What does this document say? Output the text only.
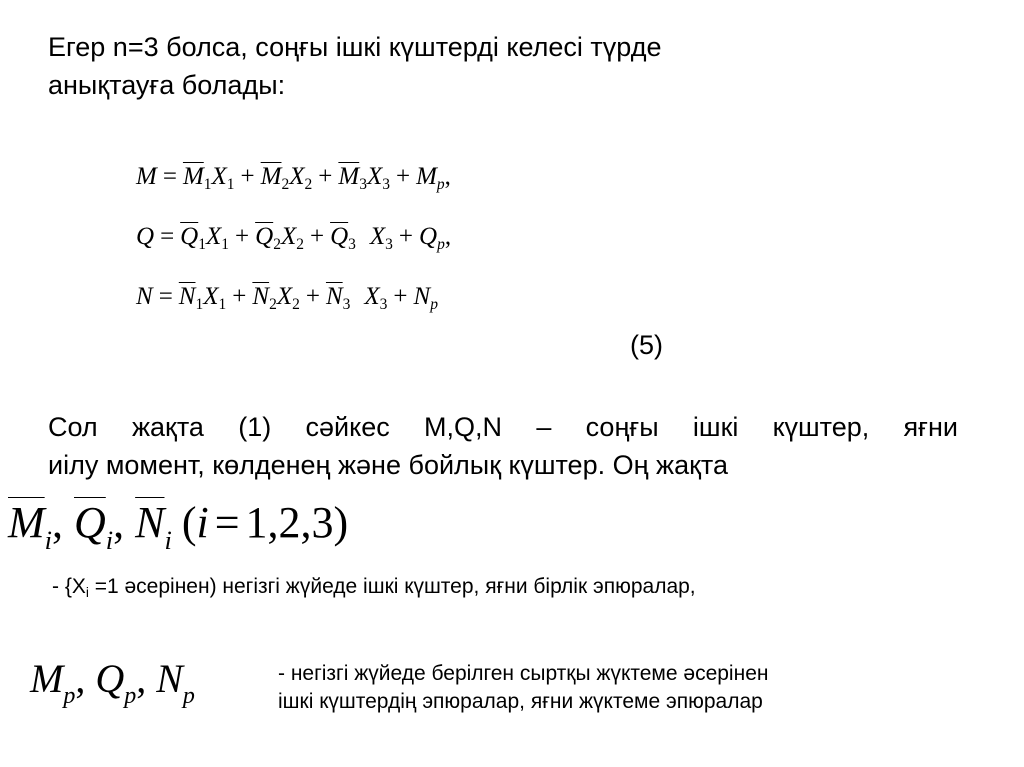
Егер n=3 болса, соңғы ішкі күштерді келесі түрде
анықтауға болады:
$M = \overline{M}_1X_1 + \overline{M}_2X_2 + \overline{M}_3X_3 + M_p$,
$Q = \overline{Q}_1X_1 + \overline{Q}_2X_2 + \overline{Q}_3$ $X_3 + Q_p$,
$N = \overline{N}_1X_1 + \overline{N}_2X_2 + \overline{N}_3$ $X_3 + N_p$
(5)
Сол жақта (1) сәйкес M,Q,N – соңғы ішкі күштер, яғни
иілу момент, көлденең және бойлық күштер. Оң жақта
$\overline{M}_i$, $\overline{Q}_i$, $\overline{N}_i$ (i = 1,2,3)
- {Xi =1 әсерінен) негізгі жүйеде ішкі күштер, яғни бірлік эпюралар,
$M_p$, $Q_p$, $N_p$
- негізгі жүйеде берілген сыртқы жүктеме әсерінен
ішкі күштердің эпюралар, яғни жүктеме эпюралар
